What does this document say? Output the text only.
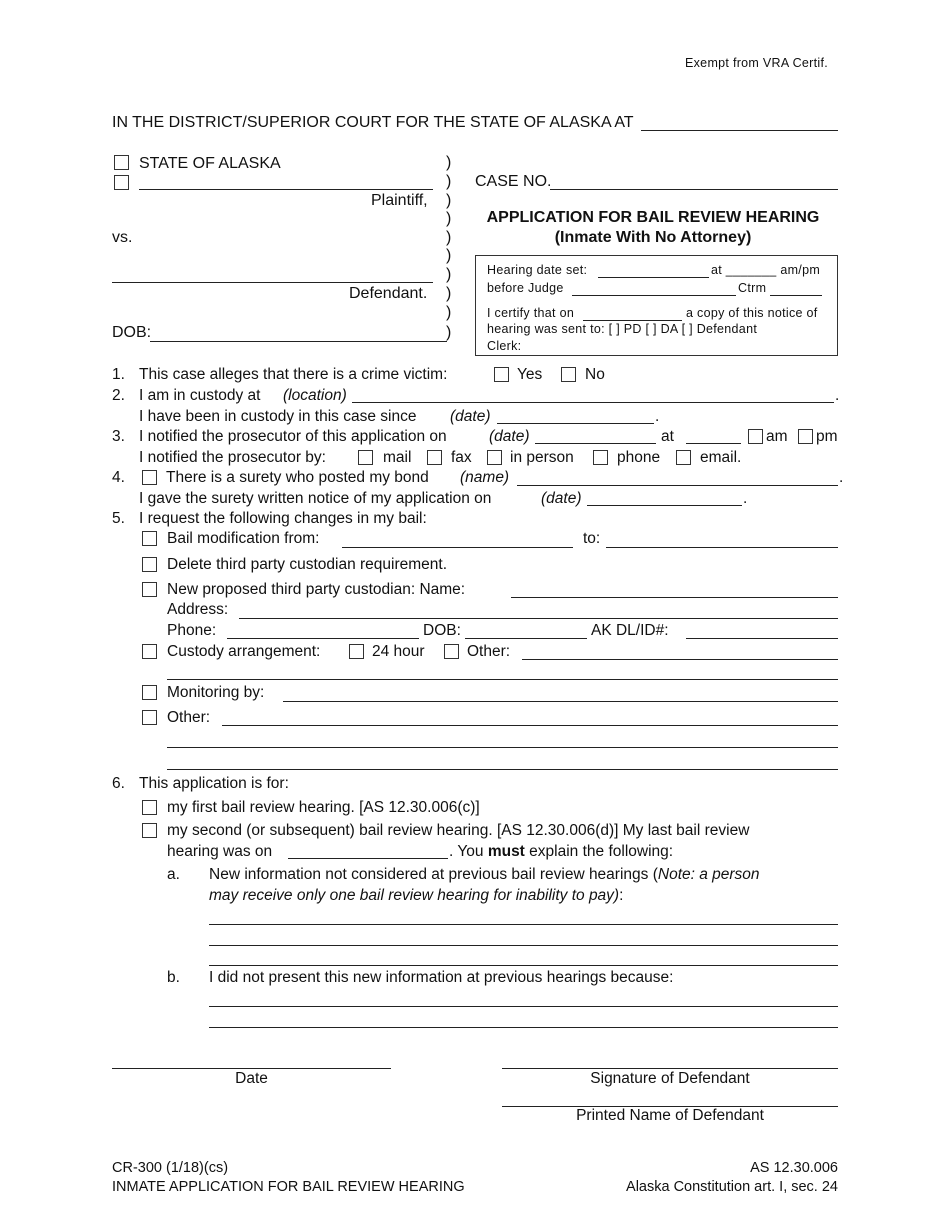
Exempt from VRA Certif.
IN THE DISTRICT/SUPERIOR COURT FOR THE STATE OF ALASKA AT
STATE OF ALASKA
Plaintiff,
vs.
Defendant.
DOB:
)
)
)
)
)
)
)
)
)
)
CASE NO.
APPLICATION FOR BAIL REVIEW HEARING
(Inmate With No Attorney)
Hearing date set:	at _______ am/pm
before Judge	Ctrm
I certify that on	a copy of this notice of
hearing was sent to: [ ] PD [ ] DA [ ] Defendant
Clerk:
1. This case alleges that there is a crime victim:	Yes	No
2. I am in custody at (location)	.
I have been in custody in this case since (date)	.
3. I notified the prosecutor of this application on	(date)	at	am pm
I notified the prosecutor by:	mail	fax in person	phone	email.
4.	There is a surety who posted my bond (name)	.
I gave the surety written notice of my application on	(date)	.
5. I request the following changes in my bail:
Bail modification from:	to:
Delete third party custodian requirement.
New proposed third party custodian: Name:
Address:
Phone:	DOB:	AK DL/ID#:
Custody arrangement:	24 hour	Other:
Monitoring by:
Other:
6. This application is for:
my first bail review hearing. [AS 12.30.006(c)]
my second (or subsequent) bail review hearing. [AS 12.30.006(d)] My last bail review
hearing was on	. You must explain the following:
a. New information not considered at previous bail review hearings (Note: a person
may receive only one bail review hearing for inability to pay):
b. I did not present this new information at previous hearings because:
Date	Signature of Defendant
Printed Name of Defendant
CR-300 (1/18)(cs)
INMATE APPLICATION FOR BAIL REVIEW HEARING
AS 12.30.006
Alaska Constitution art. I, sec. 24
